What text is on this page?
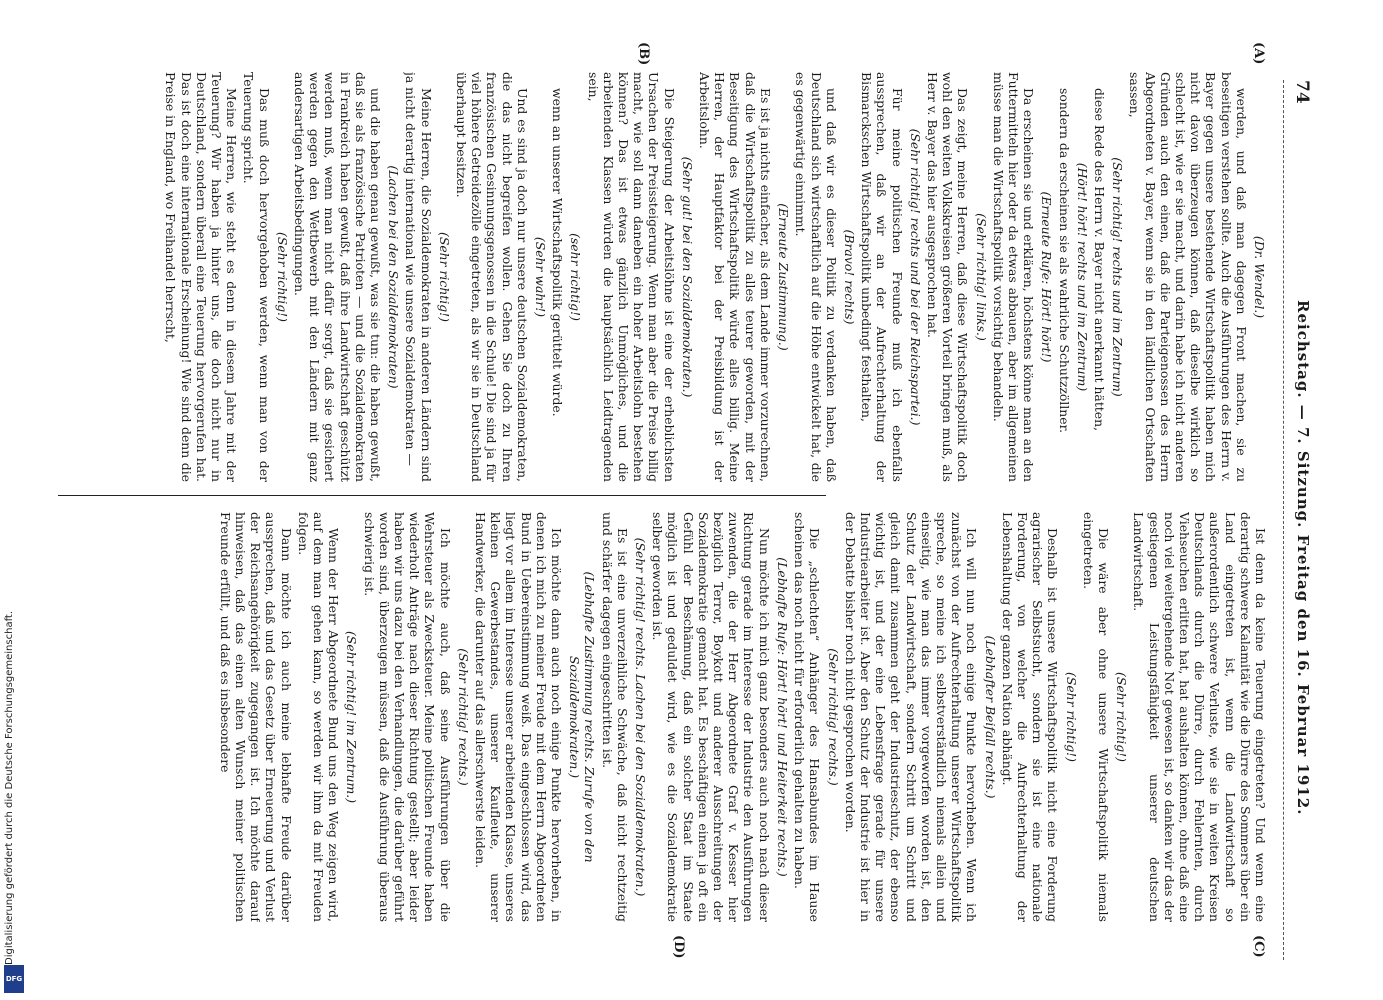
74
Reichstag. — 7. Sitzung. Freitag den 16. Februar 1912.
(A)
(B)
(C)
(D)

(Dr. Wendel.)

werden, und daß man dagegen Front machen, sie zu beseitigen verstehen sollte. Auch die Ausführungen des Herrn v. Bayer gegen unsere bestehende Wirtschaftspolitik haben mich nicht davon überzeugen können, daß dieselbe wirklich so schlecht ist, wie er sie macht, und darin habe ich nicht anderen Gründen auch den einen, daß die Parteigenossen des Herrn Abgeordneten v. Bayer, wenn sie in den ländlichen Ortschaften sassen,

(Sehr richtig! rechts und im Zentrum)

diese Rede des Herrn v. Bayer nicht anerkannt hätten,

(Hört! hört! rechts und im Zentrum)

sondern da erscheinen sie als wahrliche Schutzzöllner.

(Erneute Rufe: Hört! hört!)

Da erscheinen sie und erklären, höchstens könne man an den Futtermitteln hier oder da etwas abbauen, aber im allgemeinen müsse man die Wirtschaftspolitik vorsichtig behandeln.

(Sehr richtig! links.)

Das zeigt, meine Herren, daß diese Wirtschaftspolitik doch wohl den weiten Volkskreisen größeren Vorteil bringen muß, als Herr v. Bayer das hier ausgesprochen hat.

(Sehr richtig! rechts und bei der Reichspartei.)

Für meine politischen Freunde muß ich ebenfalls aussprechen, daß wir an der Aufrechterhaltung der Bismarckschen Wirtschaftspolitik unbedingt festhalten,

(Bravo! rechts)

und daß wir es dieser Politik zu verdanken haben, daß Deutschland sich wirtschaftlich auf die Höhe entwickelt hat, die es gegenwärtig einnimmt.

(Erneute Zustimmung.)

Es ist ja nichts einfacher, als dem Lande immer vorzurechnen, daß die Wirtschaftspolitik zu alles teurer geworden, mit der Beseitigung des Wirtschaftspolitik würde alles billig. Meine Herren, der Hauptfaktor bei der Preisbildung ist der Arbeitslohn.

(Sehr gut! bei den Sozialdemokraten.)

Die Steigerung der Arbeitslöhne ist eine der erheblichsten Ursachen der Preissteigerung. Wenn man aber die Preise billig macht, wie soll dann daneben ein hoher Arbeitslohn bestehen können? Das ist etwas gänzlich Unmögliches, und die arbeitenden Klassen würden die hauptsächlich Leidtragenden sein,

(sehr richtig!)

wenn an unserer Wirtschaftspolitik gerüttelt würde.

(Sehr wahr!)

Und es sind ja doch nur unsere deutschen Sozialdemokraten, die das nicht begreifen wollen. Gehen Sie doch zu Ihren französischen Gesinnungsgenossen in die Schule! Die sind ja für viel höhere Getreidezölle eingetreten, als wir sie in Deutschland überhaupt besitzen.

(Sehr richtig!)

Meine Herren, die Sozialdemokraten in anderen Ländern sind ja nicht derartig international wie unsere Sozialdemokraten —

(Lachen bei den Sozialdemokraten)

und die haben genau gewußt, was sie tun: die haben gewußt, daß sie als französische Patrioten — und die Sozialdemokraten in Frankreich haben gewußt, daß ihre Landwirtschaft geschützt werden muß, wenn man nicht dafür sorgt, daß sie gesichert werden gegen den Wettbewerb mit den Ländern mit ganz andersartigen Arbeitsbedingungen.

(Sehr richtig!)

Das muß doch hervorgehoben werden, wenn man von der Teuerung spricht.

Meine Herren, wie steht es denn in diesem Jahre mit der Teuerung? Wir haben ja hinter uns, die doch nicht nur in Deutschland, sondern überall eine Teuerung hervorgerufen hat. Das ist doch eine internationale Erscheinung! Wie sind denn die Preise in England, wo Freihandel herrscht,

Ist denn da keine Teuerung eingetreten? Und wenn eine derartig schwere Kalamität wie die Dürre des Sommers über ein Land eingetreten ist, wenn die Landwirtschaft so außerordentlich schwere Verluste, wie sie in weiten Kreisen Deutschlands durch die Dürre, durch Fehlernten, durch Viehseuchen erlitten hat, hat aushalten können, ohne daß eine noch viel weitergehende Not gewesen ist, so danken wir das der gestiegenen Leistungsfähigkeit unserer deutschen Landwirtschaft.

(Sehr richtig!)

Die wäre aber ohne unsere Wirtschaftspolitik niemals eingetreten.

(Sehr richtig!)

Deshalb ist unsere Wirtschaftspolitik nicht eine Forderung agrarischer Selbstsucht, sondern sie ist eine nationale Forderung, von welcher die Aufrechterhaltung der Lebenshaltung der ganzen Nation abhängt.

(Lebhafter Beifall rechts.)

Ich will nun noch einige Punkte hervorheben. Wenn ich zunächst von der Aufrechterhaltung unserer Wirtschaftspolitik spreche, so meine ich selbstverständlich niemals allein und einseitig, wie man das immer vorgeworfen worden ist, den Schutz der Landwirtschaft, sondern Schritt um Schritt und gleich damit zusammen geht der Industrieschutz, der ebenso wichtig ist, und der eine Lebensfrage gerade für unsere Industriearbeiter ist. Aber den Schutz der Industrie ist hier in der Debatte bisher noch nicht gesprochen worden.

(Sehr richtig! rechts.)

Die „schlechten“ Anhänger des Hansabundes im Hause scheinen das noch nicht für erforderlich gehalten zu haben.

(Lebhafte Rufe: Hört! hört! und Heiterkeit rechts.)

Nun möchte ich mich ganz besonders auch noch nach dieser Richtung gerade im Interesse der Industrie den Ausführungen zuwenden, die der Herr Abgeordnete Graf v. Kesser hier bezüglich Terror, Boykott und anderer Ausschreitungen der Sozialdemokratie gemacht hat. Es beschäftigen einen ja oft ein Gefühl der Beschämung, daß ein solcher Staat im Staate möglich ist und geduldet wird, wie es die Sozialdemokratie selber geworden ist.

(Sehr richtig! rechts. Lachen bei den Sozialdemokraten.)

Es ist eine unverzeihliche Schwäche, daß nicht rechtzeitig und schärfer dagegen eingeschritten ist.

(Lebhafte Zustimmung rechts. Zurufe von den Sozialdemokraten.)

Ich möchte dann auch noch einige Punkte hervorheben, in denen ich mich zu meiner Freude mit dem Herrn Abgeordneten Bund in Uebereinstimmung weiß. Das eingeschlossen wird, das liegt vor allem im Interesse unserer arbeitenden Klasse, unseres kleinen Gewerbestandes, unserer Kaufleute, unserer Handwerker, die darunter auf das allerschwerste leiden.

(Sehr richtig! rechts.)

Ich möchte auch, daß seine Ausführungen über die Wehrsteuer als Zwecksteuer. Meine politischen Freunde haben wiederholt Anträge nach dieser Richtung gestellt; aber leider haben wir uns dazu bei den Verhandlungen, die darüber geführt worden sind, überzeugen müssen, daß die Ausführung überaus schwierig ist.

(Sehr richtig! im Zentrum.)

Wenn der Herr Abgeordnete Bund uns den Weg zeigen wird, auf dem man gehen kann, so werden wir ihm da mit Freuden folgen.

Dann möchte ich auch meine lebhafte Freude darüber aussprechen, daß und das Gesetz über Erneuerung und Verlust der Reichsangehörigkeit zugegangen ist. Ich möchte darauf hinweisen, daß das einen alten Wunsch meiner politischen Freunde erfüllt, und daß es insbesondere

Digitalisierung gefördert durch die Deutsche Forschungsgemeinschaft.
DFG
